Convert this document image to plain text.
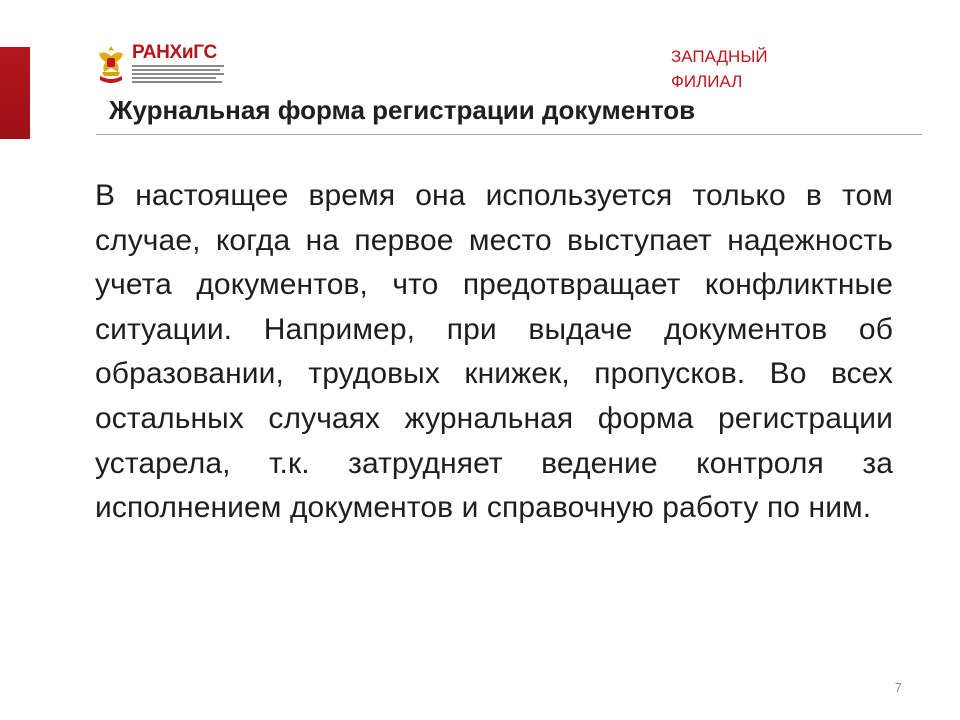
РАНХиГС	ЗАПАДНЫЙ
ФИЛИАЛ
Журнальная форма регистрации документов

В настоящее время она используется только в том случае, когда на первое место выступает надежность учета документов, что предотвращает конфликтные ситуации. Например, при выдаче документов об образовании, трудовых книжек, пропусков. Во всех остальных случаях журнальная форма регистрации устарела, т.к. затрудняет ведение контроля за исполнением документов и справочную работу по ним.

7
